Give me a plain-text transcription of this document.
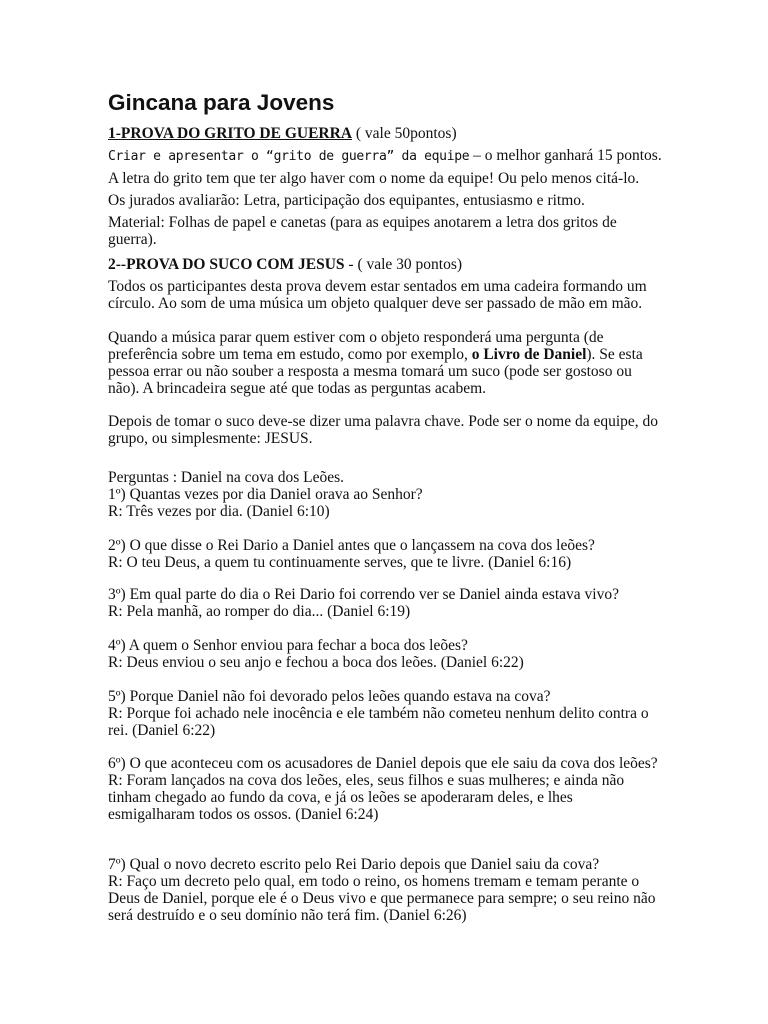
Gincana para Jovens

1-PROVA DO GRITO DE GUERRA ( vale 50pontos)

Criar e apresentar o “grito de guerra” da equipe – o melhor ganhará 15 pontos.

A letra do grito tem que ter algo haver com o nome da equipe! Ou pelo menos citá-lo.

Os jurados avaliarão: Letra, participação dos equipantes, entusiasmo e ritmo.

Material: Folhas de papel e canetas (para as equipes anotarem a letra dos gritos de guerra).

2--PROVA DO SUCO COM JESUS - ( vale 30 pontos)

Todos os participantes desta prova devem estar sentados em uma cadeira formando um círculo. Ao som de uma música um objeto qualquer deve ser passado de mão em mão.

Quando a música parar quem estiver com o objeto responderá uma pergunta (de preferência sobre um tema em estudo, como por exemplo, o Livro de Daniel). Se esta pessoa errar ou não souber a resposta a mesma tomará um suco (pode ser gostoso ou não). A brincadeira segue até que todas as perguntas acabem.

Depois de tomar o suco deve-se dizer uma palavra chave. Pode ser o nome da equipe, do grupo, ou simplesmente: JESUS.

Perguntas : Daniel na cova dos Leões.

1º) Quantas vezes por dia Daniel orava ao Senhor?
R: Três vezes por dia. (Daniel 6:10)
2º) O que disse o Rei Dario a Daniel antes que o lançassem na cova dos leões?
R: O teu Deus, a quem tu continuamente serves, que te livre. (Daniel 6:16)
3º) Em qual parte do dia o Rei Dario foi correndo ver se Daniel ainda estava vivo?
R: Pela manhã, ao romper do dia... (Daniel 6:19)
4º) A quem o Senhor enviou para fechar a boca dos leões?
R: Deus enviou o seu anjo e fechou a boca dos leões. (Daniel 6:22)
5º) Porque Daniel não foi devorado pelos leões quando estava na cova?
R: Porque foi achado nele inocência e ele também não cometeu nenhum delito contra o rei. (Daniel 6:22)
6º) O que aconteceu com os acusadores de Daniel depois que ele saiu da cova dos leões?
R: Foram lançados na cova dos leões, eles, seus filhos e suas mulheres; e ainda não tinham chegado ao fundo da cova, e já os leões se apoderaram deles, e lhes esmigalharam todos os ossos. (Daniel 6:24)
7º) Qual o novo decreto escrito pelo Rei Dario depois que Daniel saiu da cova?
R: Faço um decreto pelo qual, em todo o reino, os homens tremam e temam perante o Deus de Daniel, porque ele é o Deus vivo e que permanece para sempre; o seu reino não será destruído e o seu domínio não terá fim. (Daniel 6:26)
